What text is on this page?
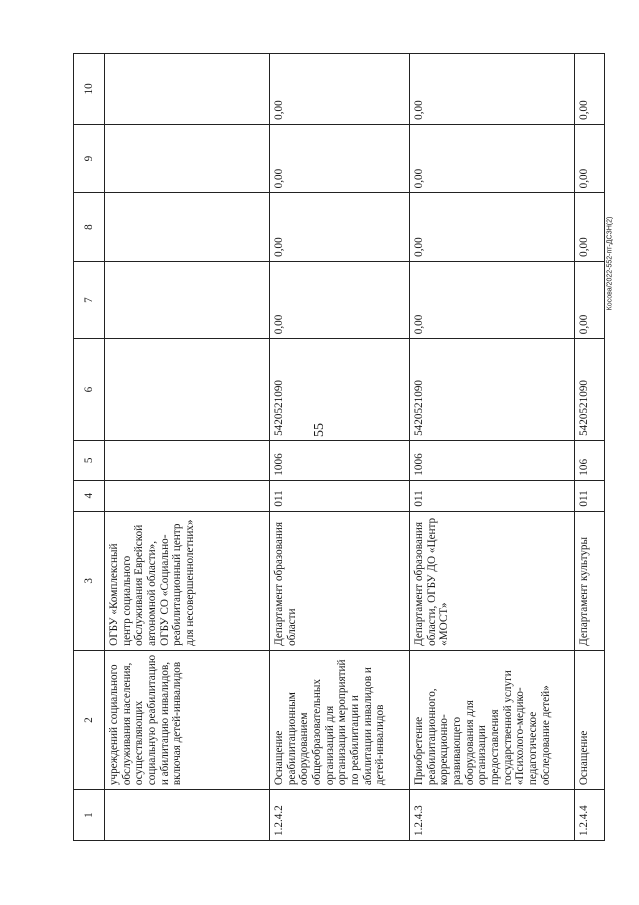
55
Косова/2022-552-пт-ДСЗН(2)
1	2	3	4	5	6	7	8	9	10
	учреждений социального обслуживания населения, осуществляющих социальную реабилитацию и абилитацию инвалидов, включая детей-инвалидов	ОГБУ «Комплексный центр социального обслуживания Еврейской автономной области», ОГБУ СО «Социально-реабилитационный центр для несовершеннолетних»							
1.2.4.2	Оснащение реабилитационным оборудованием общеобразовательных организаций для организации мероприятий по реабилитации и абилитации инвалидов и детей-инвалидов	Департамент образования области	011	1006	5420521090	0,00	0,00	0,00	0,00
1.2.4.3	Приобретение реабилитационного, коррекционно-развивающего оборудования для организации предоставления государственной услуги «Психолого-медико-педагогическое обследование детей»	Департамент образования области, ОГБУ ДО «Центр «МОСТ»	011	1006	5420521090	0,00	0,00	0,00	0,00
1.2.4.4	Оснащение	Департамент культуры	011	106	5420521090	0,00	0,00	0,00	0,00
